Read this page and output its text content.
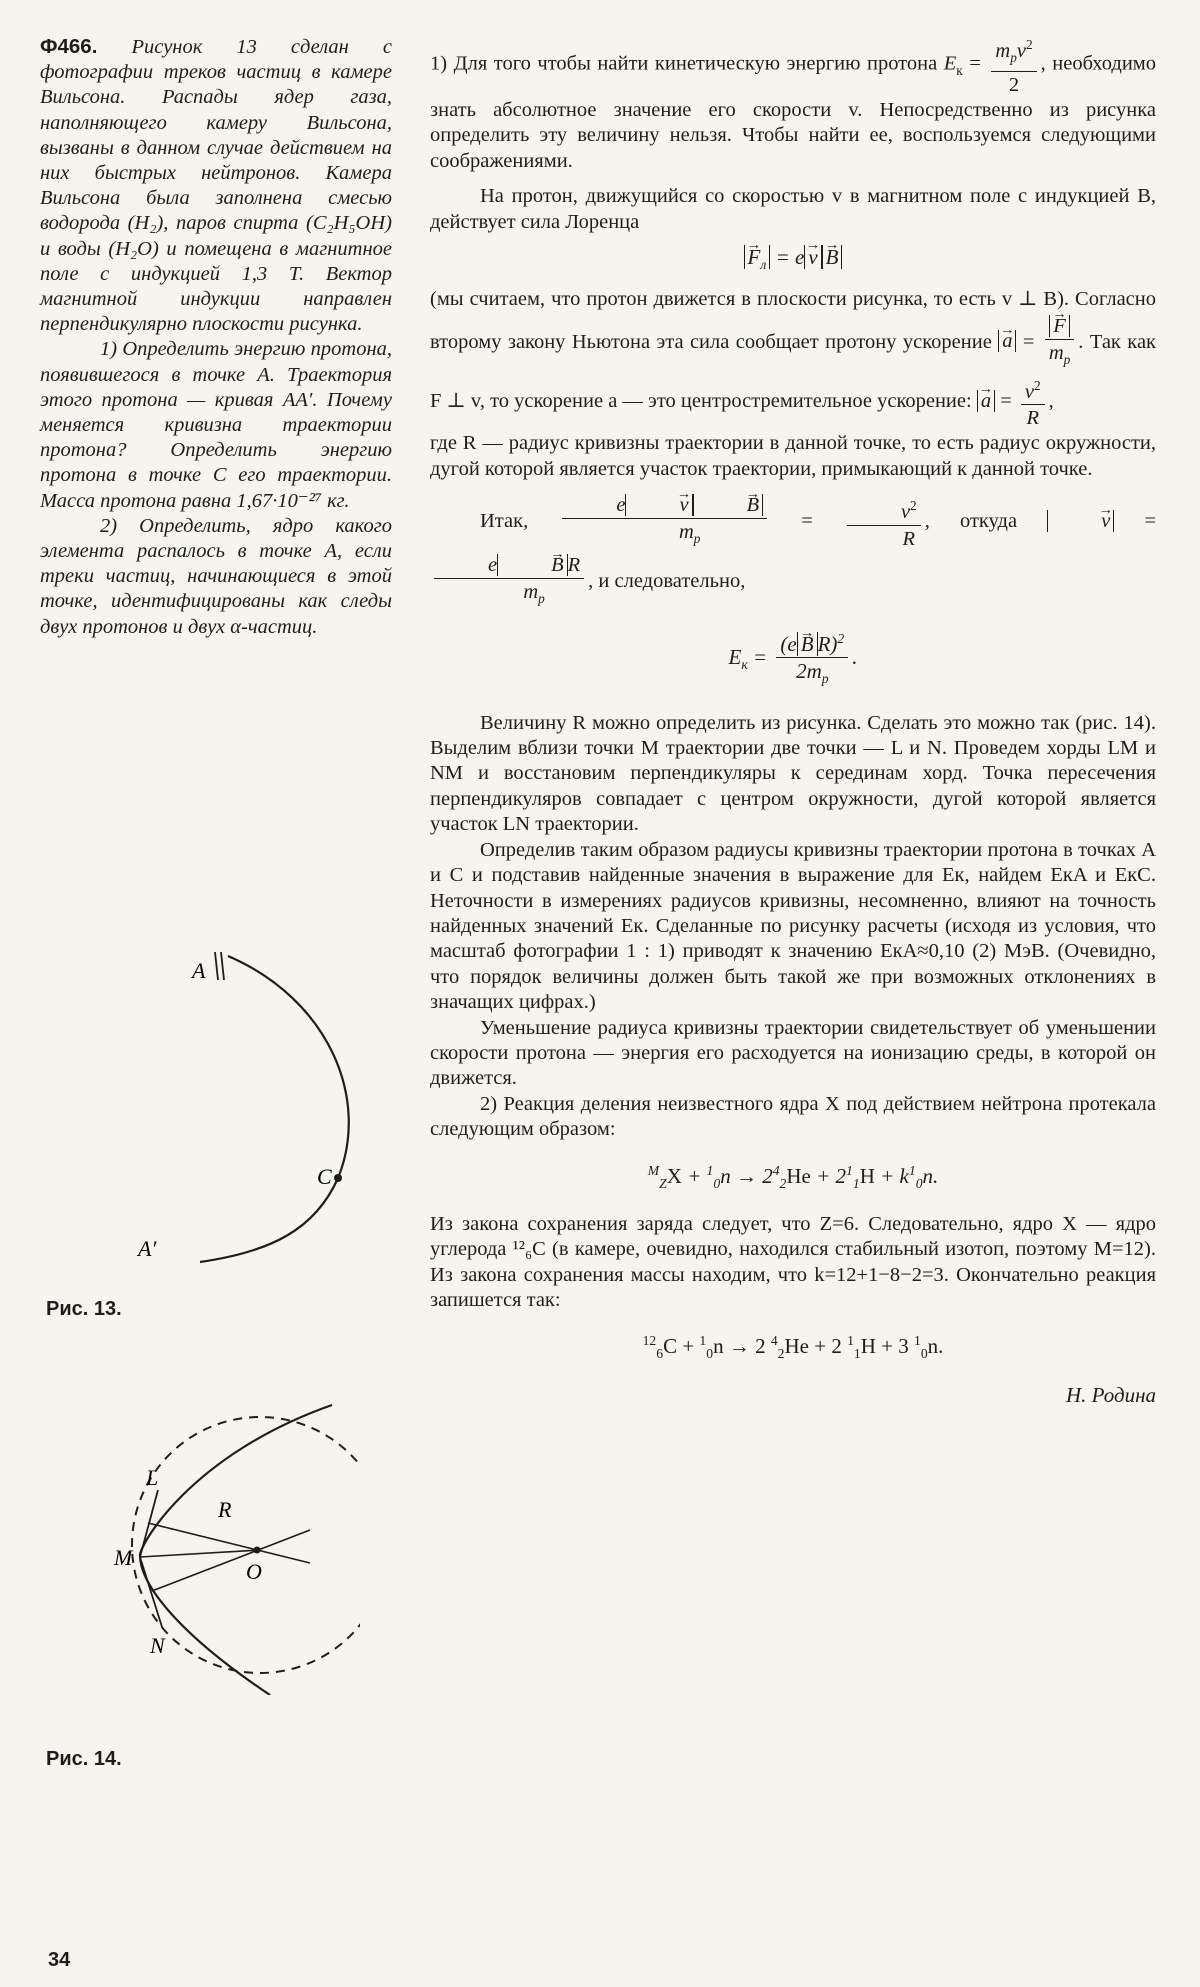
Ф466. Рисунок 13 сделан с фотографии треков частиц в камере Вильсона. Распады ядер газа, наполняющего камеру Вильсона, вызваны в данном случае действием на них быстрых нейтронов. Камера Вильсона была заполнена смесью водорода (H₂), паров спирта (C₂H₅OH) и воды (H₂O) и помещена в магнитное поле с индукцией 1,3 Т. Вектор магнитной индукции направлен перпендикулярно плоскости рисунка.

1) Определить энергию протона, появившегося в точке A. Траектория этого протона — кривая AA′. Почему меняется кривизна траектории протона? Определить энергию протона в точке C его траектории. Масса протона равна 1,67·10⁻²⁷ кг.

2) Определить, ядро какого элемента распалось в точке A, если треки частиц, начинающиеся в этой точке, идентифицированы как следы двух протонов и двух α-частиц.

A
C
A′
Рис. 13.
L
M
N
R
O
Рис. 14.
34

1) Для того чтобы найти кинетическую энергию протона $E_к = \frac{m_pv^2}{2}$ , необходимо знать абсолютное значение его скорости v. Непосредственно из рисунка определить эту величину нельзя. Чтобы найти ее, воспользуемся следующими соображениями.

На протон, движущийся со скоростью v в магнитном поле с индукцией B, действует сила Лоренца

→ $F_л = e \to v \to B$

(мы считаем, что протон движется в плоскости рисунка, то есть v ⊥ B). Согласно второму закону Ньютона эта сила сообщает протону ускорение → a = → $\frac{F}{m_p}$ . Так как F ⊥ v, то ускорение a — это центростремительное ускорение: → $a = \frac{v^2}{R}$ ,

где R — радиус кривизны траектории в данной точке, то есть радиус окружности, дугой которой является участок траектории, примыкающий к данной точке.

Итак, e	→ v	→ B
$m_p = \frac{v^2}{R}$ , откуда	→ v =
e	→ B R
$m_p$ , и следовательно,

$E_к = \frac{(e \to B R)^2}{2m_p}$ .

Величину R можно определить из рисунка. Сделать это можно так (рис. 14). Выделим вблизи точки M траектории две точки — L и N. Проведем хорды LM и NM и восстановим перпендикуляры к серединам хорд. Точка пересечения перпендикуляров совпадает с центром окружности, дугой которой является участок LN траектории.

Определив таким образом радиусы кривизны траектории протона в точках A и C и подставив найденные значения в выражение для Eк, найдем EкA и EкC. Неточности в измерениях радиусов кривизны, несомненно, влияют на точность найденных значений Eк. Сделанные по рисунку расчеты (исходя из условия, что масштаб фотографии 1 : 1) приводят к значению EкA≈0,10 (2) МэВ. (Очевидно, что порядок величины должен быть такой же при возможных отклонениях в значащих цифрах.)

Уменьшение радиуса кривизны траектории свидетельствует об уменьшении скорости протона — энергия его расходуется на ионизацию среды, в которой он движется.

2) Реакция деления неизвестного ядра X под действием нейтрона протекала следующим образом:

$^M_ZX + ^1_0n \to 2^4_2He + 2^1_1H + k^1_0n$.

Из закона сохранения заряда следует, что Z=6. Следовательно, ядро X — ядро углерода ¹²₆C (в камере, очевидно, находился стабильный изотоп, поэтому M=12). Из закона сохранения массы находим, что k=12+1−8−2=3. Окончательно реакция запишется так:

$^{12}_6$C + $^1_0$n → 2 $^4_2$He + 2 $^1_1$H + 3 $^1_0$n.
Н. Родина
